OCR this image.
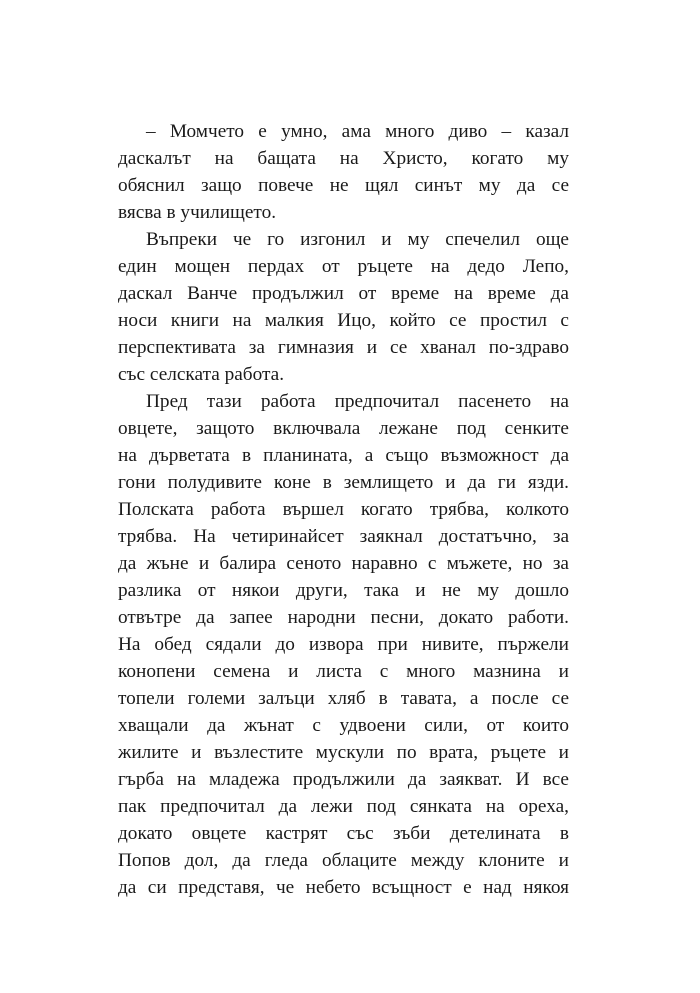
– Момчето е умно, ама много диво – казал
даскалът на бащата на Христо, когато му
обяснил защо повече не щял синът му да се
вясва в училището.
Въпреки че го изгонил и му спечелил още
един мощен пердах от ръцете на дедо Лепо,
даскал Ванче продължил от време на време да
носи книги на малкия Ицо, който се простил с
перспективата за гимназия и се хванал по-здраво
със селската работа.
Пред тази работа предпочитал пасенето на
овцете, защото включвала лежане под сенките
на дърветата в планината, а също възможност да
гони полудивите коне в землището и да ги язди.
Полската работа вършел когато трябва, колкото
трябва. На четиринайсет заякнал достатъчно, за
да жъне и балира сеното наравно с мъжете, но за
разлика от някои други, така и не му дошло
отвътре да запее народни песни, докато работи.
На обед сядали до извора при нивите, пържели
конопени семена и листа с много мазнина и
топели големи залъци хляб в тавата, а после се
хващали да жънат с удвоени сили, от които
жилите и възлестите мускули по врата, ръцете и
гърба на младежа продължили да заякват. И все
пак предпочитал да лежи под сянката на ореха,
докато овцете кастрят със зъби детелината в
Попов дол, да гледа облаците между клоните и
да си представя, че небето всъщност е над някоя
